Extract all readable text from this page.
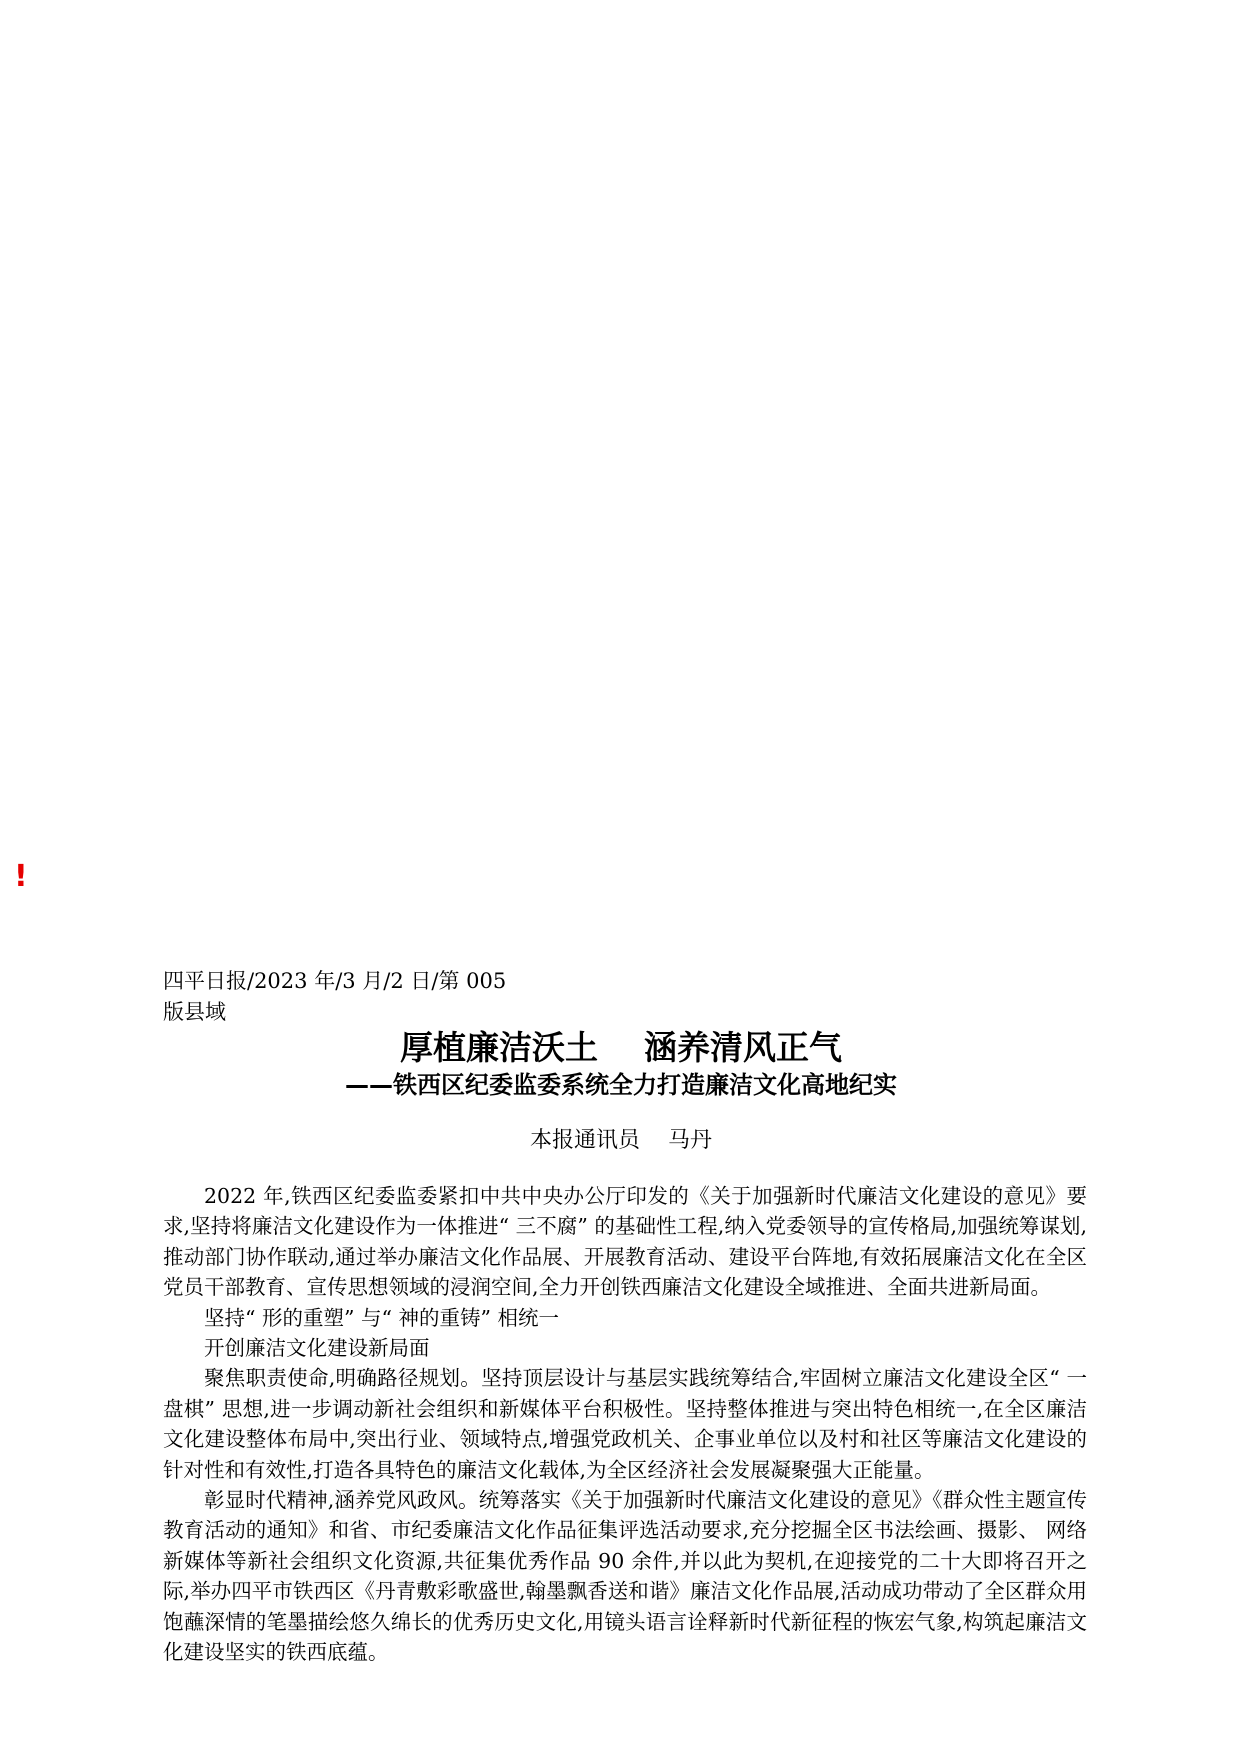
!
四平日报/2023 年/3 月/2 日/第 005 版县域
厚植廉洁沃土    涵养清风正气
——铁西区纪委监委系统全力打造廉洁文化高地纪实
本报通讯员    马丹

2022 年,铁西区纪委监委紧扣中共中央办公厅印发的《关于加强新时代廉洁文化建设的意见》要求,坚持将廉洁文化建设作为一体推进“ 三不腐” 的基础性工程,纳入党委领导的宣传格局,加强统筹谋划,推动部门协作联动,通过举办廉洁文化作品展、开展教育活动、建设平台阵地,有效拓展廉洁文化在全区党员干部教育、宣传思想领域的浸润空间,全力开创铁西廉洁文化建设全域推进、全面共进新局面。

坚持“ 形的重塑” 与“ 神的重铸” 相统一

开创廉洁文化建设新局面

聚焦职责使命,明确路径规划。坚持顶层设计与基层实践统筹结合,牢固树立廉洁文化建设全区“ 一盘棋” 思想,进一步调动新社会组织和新媒体平台积极性。坚持整体推进与突出特色相统一,在全区廉洁文化建设整体布局中,突出行业、领域特点,增强党政机关、企事业单位以及村和社区等廉洁文化建设的针对性和有效性,打造各具特色的廉洁文化载体,为全区经济社会发展凝聚强大正能量。

彰显时代精神,涵养党风政风。统筹落实《关于加强新时代廉洁文化建设的意见》《群众性主题宣传教育活动的通知》和省、市纪委廉洁文化作品征集评选活动要求,充分挖掘全区书法绘画、摄影、 网络新媒体等新社会组织文化资源,共征集优秀作品 90 余件,并以此为契机,在迎接党的二十大即将召开之际,举办四平市铁西区《丹青敷彩歌盛世,翰墨飘香送和谐》廉洁文化作品展,活动成功带动了全区群众用饱蘸深情的笔墨描绘悠久绵长的优秀历史文化,用镜头语言诠释新时代新征程的恢宏气象,构筑起廉洁文化建设坚实的铁西底蕴。
